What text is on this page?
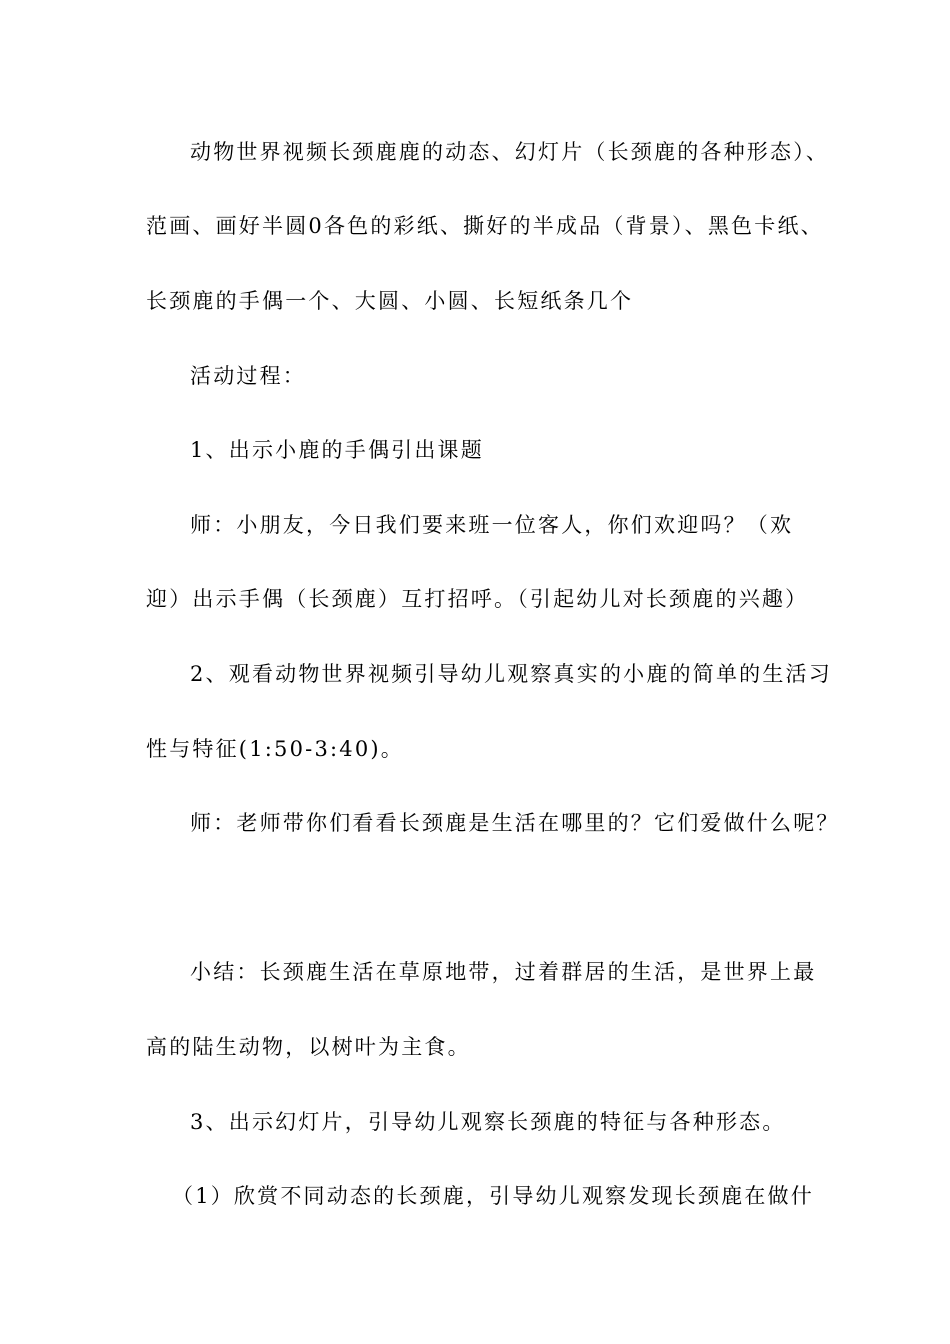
动物世界视频长颈鹿鹿的动态、幻灯片（长颈鹿的各种形态）、
范画、画好半圆0各色的彩纸、撕好的半成品（背景）、黑色卡纸、
长颈鹿的手偶一个、大圆、小圆、长短纸条几个
活动过程：
1、出示小鹿的手偶引出课题
师：小朋友，今日我们要来班一位客人，你们欢迎吗？（欢
迎）出示手偶（长颈鹿）互打招呼。（引起幼儿对长颈鹿的兴趣）
2、观看动物世界视频引导幼儿观察真实的小鹿的简单的生活习
性与特征(1:50-3:40)。
师：老师带你们看看长颈鹿是生活在哪里的？它们爱做什么呢？
小结：长颈鹿生活在草原地带，过着群居的生活，是世界上最
高的陆生动物，以树叶为主食。
3、出示幻灯片，引导幼儿观察长颈鹿的特征与各种形态。
（1）欣赏不同动态的长颈鹿，引导幼儿观察发现长颈鹿在做什
